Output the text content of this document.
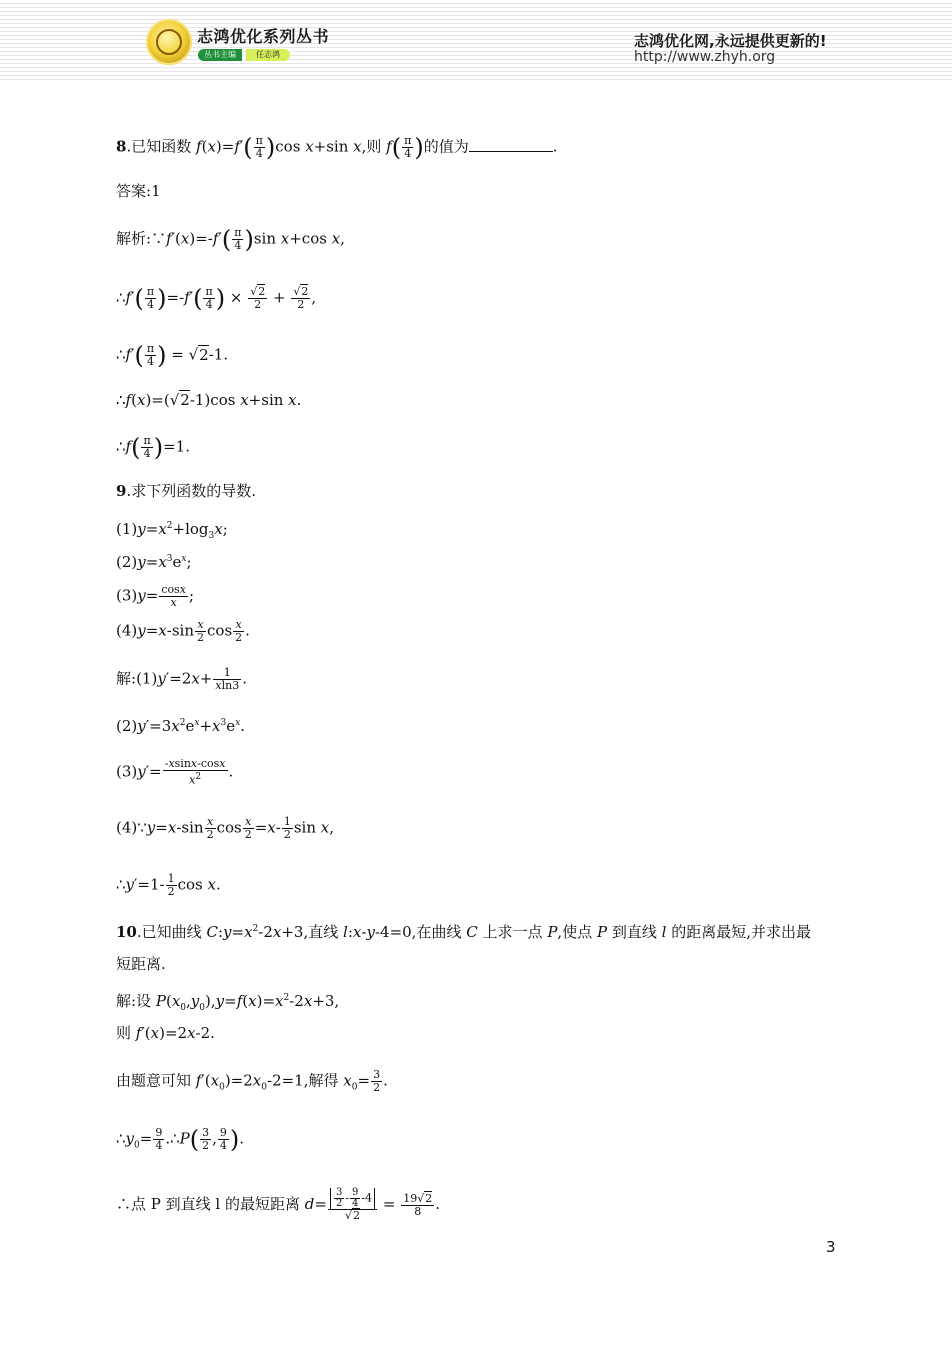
志鸿优化系列丛书
丛书主编	任志鸿
志鸿优化网,永远提供更新的!
http://www.zhyh.org
8.已知函数 $f(x)=f'( \frac{\pi}{4} )\cos$ x+sin x,则 $f( \frac{\pi}{4}$ )的值为	.
答案:1
解析:∵f′(x)=-f′( $\frac{\pi}{4} )\sin$ x+cos x,
∴f′( $\frac{\pi}{4} )=-f'( \frac{\pi}{4}$ ) × $\frac{√2}{2} + \frac{√2}{2}$ ,
∴f′( $\frac{\pi}{4}$ ) = √2-1.
∴f(x)=(√2-1)cos x+sin x.
∴f( $\frac{\pi}{4} )=1$.
9.求下列函数的导数.
$(1)y=x^2+\log_3x$;
$(2)y=x^3e^x$;
$(3)y= \frac{\cos x}{x}$ ;
$(4)y=x-\sin \frac{x}{2}$ $\cos \frac{x}{2}$ .
解:(1)y′=2x+ $\frac{1}{xln3}$ .
$(2)y'=3x^2e^x+x^3e^x$.
$(3)y'= \frac{-xsinx-\cos x}{x^2}$ .
(4)∵y=x-sin $\frac{x}{2}$ $\cos \frac{x}{2} =x- \frac{1}{2}$ sin x,
∴y′=1- $\frac{1}{2}$ cos x.
10.已知曲线 $C:y=x^2-2x+3$,直线 l:x-y-4=0,在曲线 C 上求一点 P,使点 P 到直线 l 的距离最短,并求出最
短距离.
解:设 $P(x_0,y_0),y=f(x)=x^2-2x+3$,
则 f′(x)=2x-2.
由题意可知 $f'(x_0)=2x_0-2=1$,解得 $x_0= \frac{3}{2}$ .
$\therefore y_0= \frac{9}{4}$ .∴P( $\frac{3}{2}$ , $\frac{9}{4}$ ).
∴点 P 到直线 l 的最短距离 $d= \frac{\frac{3}{2} - \frac{9}{4} -4}{√2} = \frac{19√2}{8}$ .
3
